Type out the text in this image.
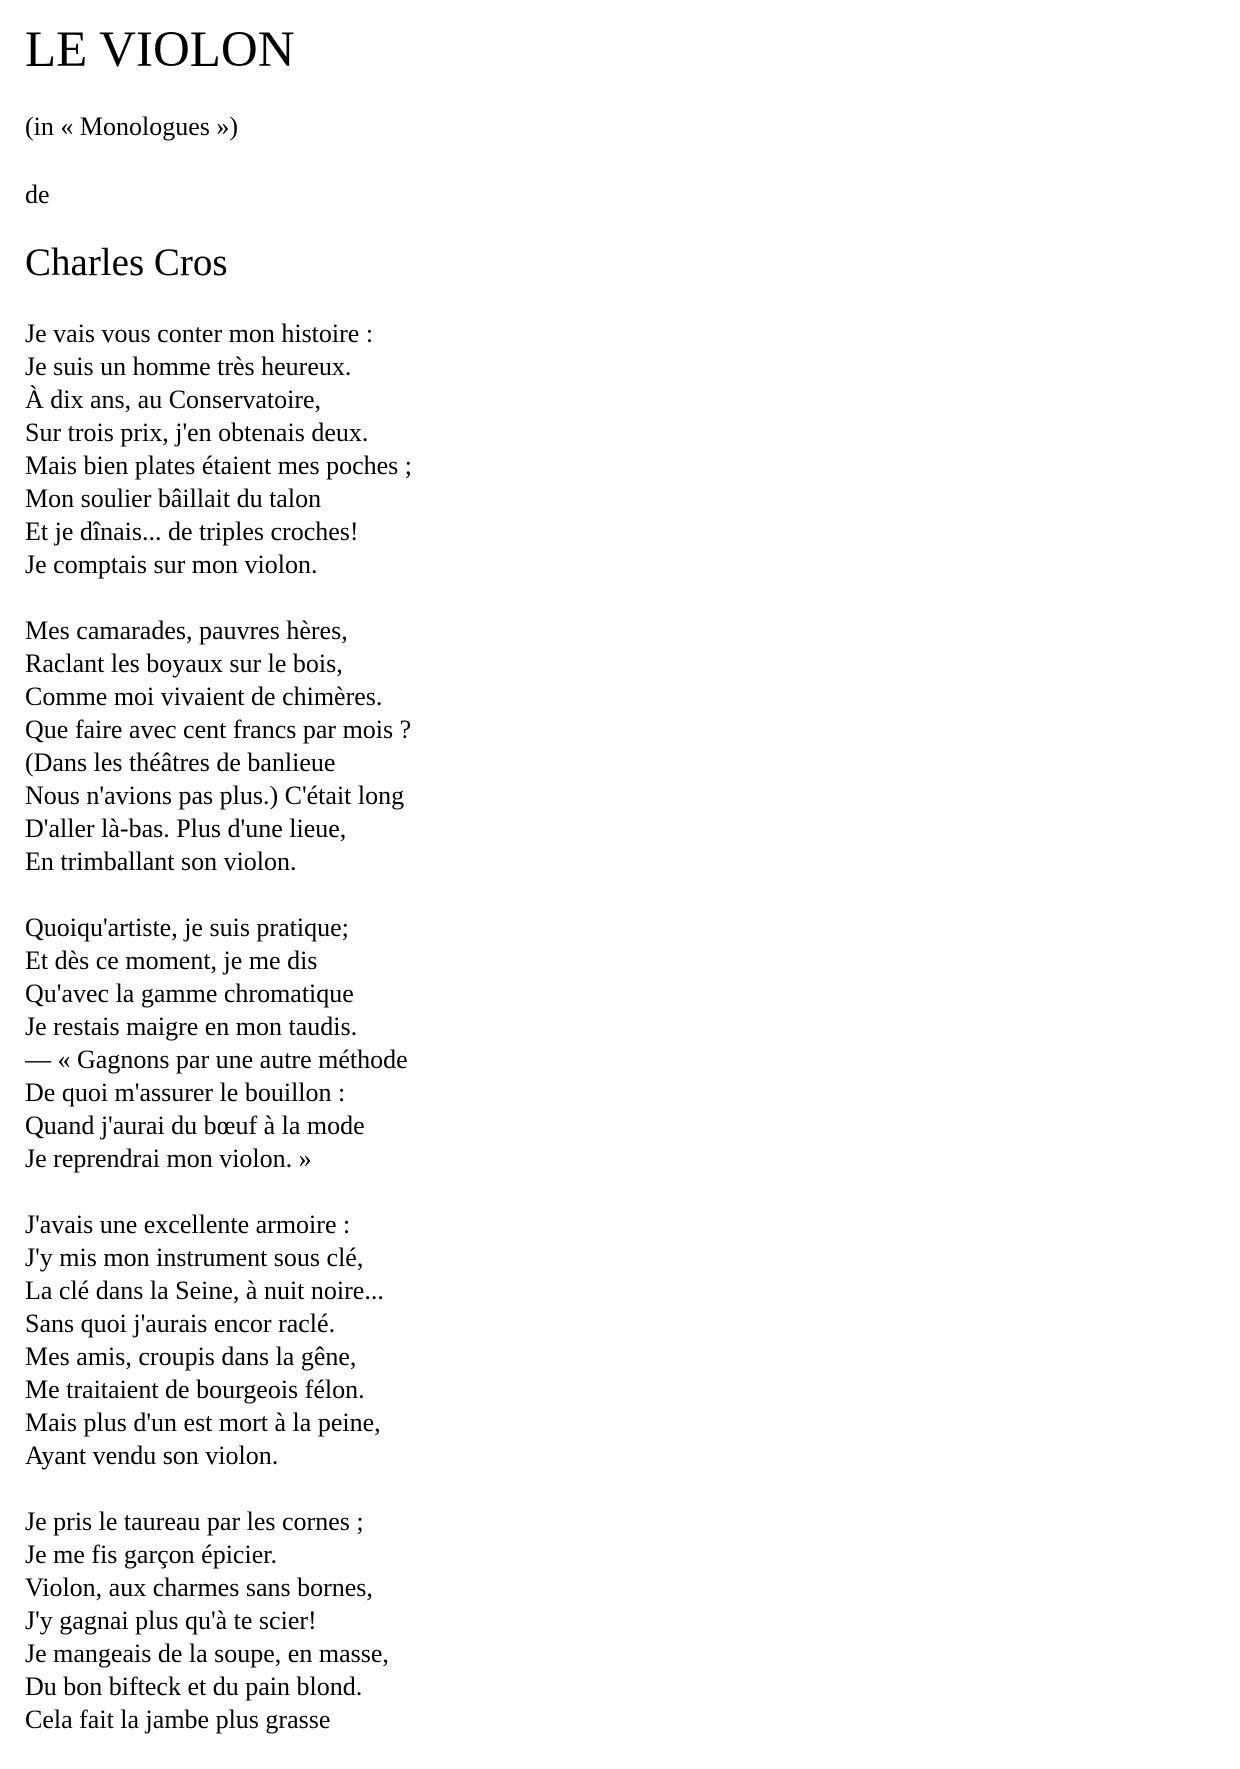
LE VIOLON
(in « Monologues »)
de
Charles Cros
Je vais vous conter mon histoire :
Je suis un homme très heureux.
À dix ans, au Conservatoire,
Sur trois prix, j'en obtenais deux.
Mais bien plates étaient mes poches ;
Mon soulier bâillait du talon
Et je dînais... de triples croches!
Je comptais sur mon violon.
Mes camarades, pauvres hères,
Raclant les boyaux sur le bois,
Comme moi vivaient de chimères.
Que faire avec cent francs par mois ?
(Dans les théâtres de banlieue
Nous n'avions pas plus.) C'était long
D'aller là-bas. Plus d'une lieue,
En trimballant son violon.
Quoiqu'artiste, je suis pratique;
Et dès ce moment, je me dis
Qu'avec la gamme chromatique
Je restais maigre en mon taudis.
— « Gagnons par une autre méthode
De quoi m'assurer le bouillon :
Quand j'aurai du bœuf à la mode
Je reprendrai mon violon. »
J'avais une excellente armoire :
J'y mis mon instrument sous clé,
La clé dans la Seine, à nuit noire...
Sans quoi j'aurais encor raclé.
Mes amis, croupis dans la gêne,
Me traitaient de bourgeois félon.
Mais plus d'un est mort à la peine,
Ayant vendu son violon.
Je pris le taureau par les cornes ;
Je me fis garçon épicier.
Violon, aux charmes sans bornes,
J'y gagnai plus qu'à te scier!
Je mangeais de la soupe, en masse,
Du bon bifteck et du pain blond.
Cela fait la jambe plus grasse
